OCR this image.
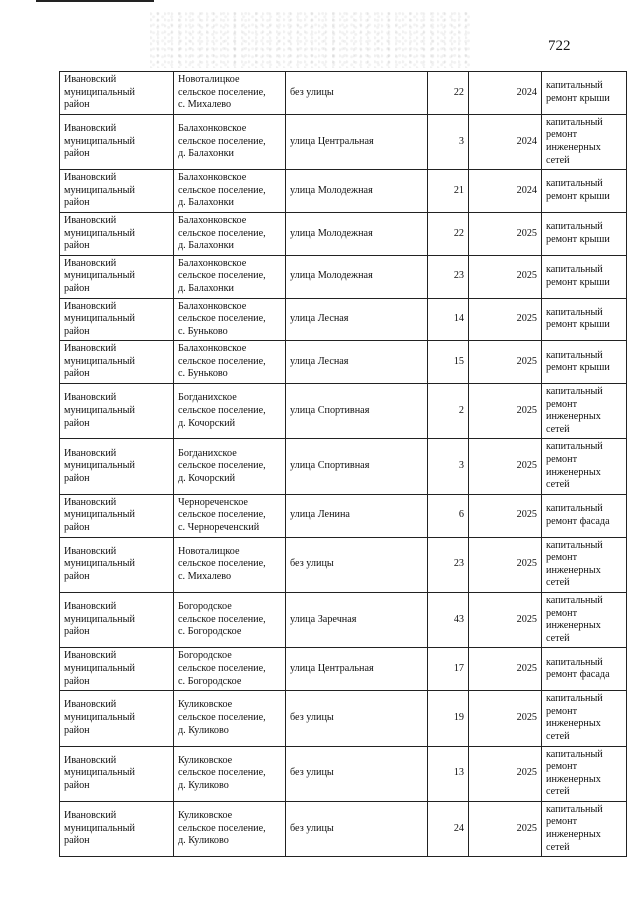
722
Ивановский
муниципальный
район	Новоталицкое
сельское поселение,
с. Михалево	без улицы	22	2024	капитальный
ремонт крыши

Ивановский
муниципальный
район	Балахонковское
сельское поселение,
д. Балахонки	улица Центральная	3	2024	капитальный
ремонт
инженерных
сетей

Ивановский
муниципальный
район	Балахонковское
сельское поселение,
д. Балахонки	улица Молодежная	21	2024	капитальный
ремонт крыши

Ивановский
муниципальный
район	Балахонковское
сельское поселение,
д. Балахонки	улица Молодежная	22	2025	капитальный
ремонт крыши

Ивановский
муниципальный
район	Балахонковское
сельское поселение,
д. Балахонки	улица Молодежная	23	2025	капитальный
ремонт крыши

Ивановский
муниципальный
район	Балахонковское
сельское поселение,
с. Буньково	улица Лесная	14	2025	капитальный
ремонт крыши

Ивановский
муниципальный
район	Балахонковское
сельское поселение,
с. Буньково	улица Лесная	15	2025	капитальный
ремонт крыши

Ивановский
муниципальный
район	Богданихское
сельское поселение,
д. Кочорский	улица Спортивная	2	2025	капитальный
ремонт
инженерных
сетей

Ивановский
муниципальный
район	Богданихское
сельское поселение,
д. Кочорский	улица Спортивная	3	2025	капитальный
ремонт
инженерных
сетей

Ивановский
муниципальный
район	Чернореченское
сельское поселение,
с. Чернореченский	улица Ленина	6	2025	капитальный
ремонт фасада

Ивановский
муниципальный
район	Новоталицкое
сельское поселение,
с. Михалево	без улицы	23	2025	капитальный
ремонт
инженерных
сетей

Ивановский
муниципальный
район	Богородское
сельское поселение,
с. Богородское	улица Заречная	43	2025	капитальный
ремонт
инженерных
сетей

Ивановский
муниципальный
район	Богородское
сельское поселение,
с. Богородское	улица Центральная	17	2025	капитальный
ремонт фасада

Ивановский
муниципальный
район	Куликовское
сельское поселение,
д. Куликово	без улицы	19	2025	капитальный
ремонт
инженерных
сетей

Ивановский
муниципальный
район	Куликовское
сельское поселение,
д. Куликово	без улицы	13	2025	капитальный
ремонт
инженерных
сетей

Ивановский
муниципальный
район	Куликовское
сельское поселение,
д. Куликово	без улицы	24	2025	капитальный
ремонт
инженерных
сетей
